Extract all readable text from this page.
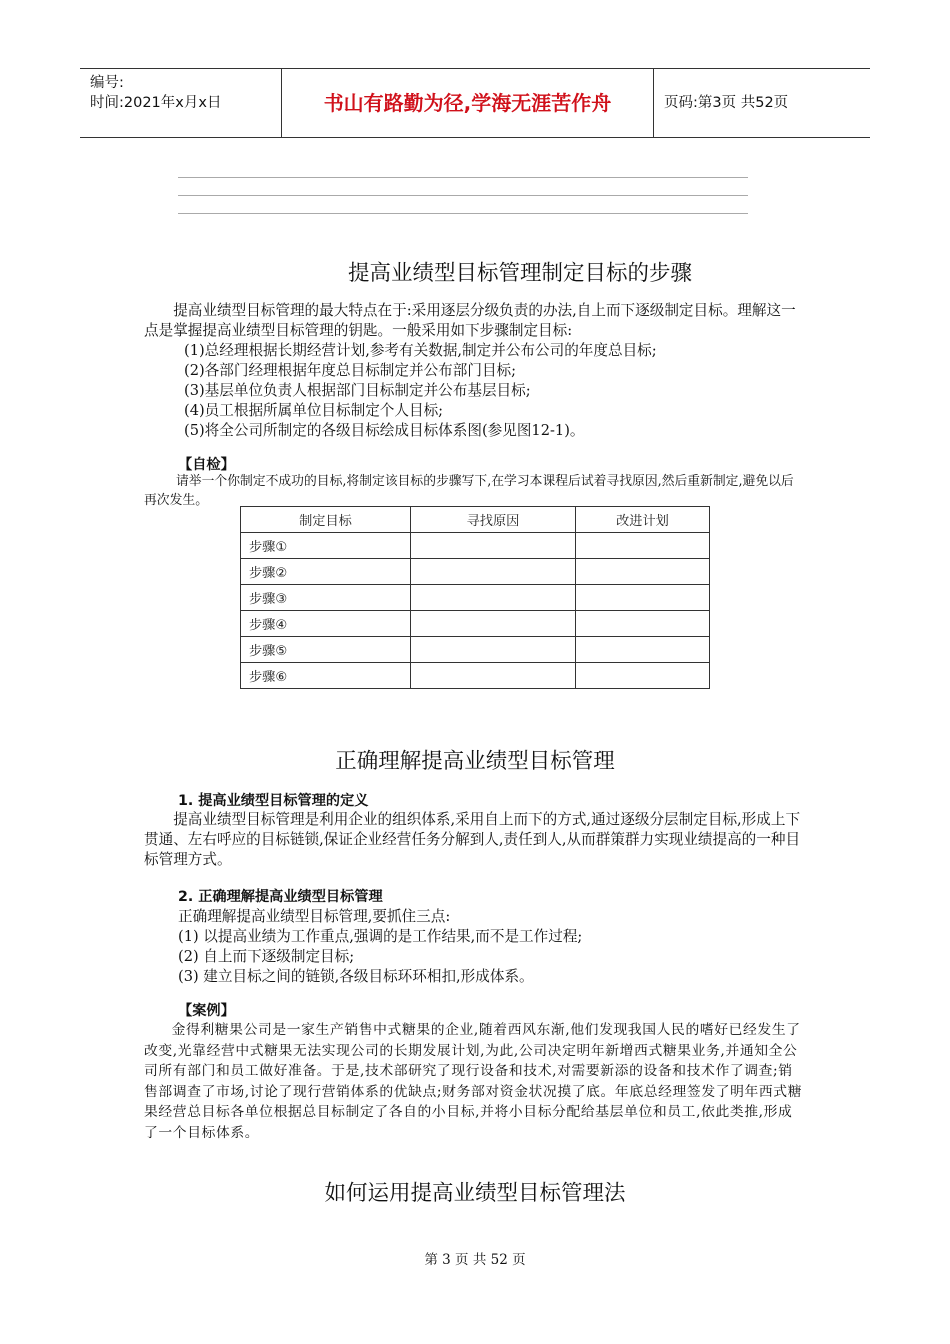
编号:
时间:2021年x月x日	书山有路勤为径,学海无涯苦作舟	页码:第3页 共52页
提高业绩型目标管理制定目标的步骤

提高业绩型目标管理的最大特点在于:采用逐层分级负责的办法,自上而下逐级制定目标。理解这一点是掌握提高业绩型目标管理的钥匙。一般采用如下步骤制定目标:

(1)总经理根据长期经营计划,参考有关数据,制定并公布公司的年度总目标;

(2)各部门经理根据年度总目标制定并公布部门目标;

(3)基层单位负责人根据部门目标制定并公布基层目标;

(4)员工根据所属单位目标制定个人目标;

(5)将全公司所制定的各级目标绘成目标体系图(参见图12-1)。

【自检】
请举一个你制定不成功的目标,将制定该目标的步骤写下,在学习本课程后试着寻找原因,然后重新制定,避免以后再次发生。
制定目标	寻找原因	改进计划
步骤①		
步骤②		
步骤③		
步骤④		
步骤⑤		
步骤⑥		
正确理解提高业绩型目标管理
1. 提高业绩型目标管理的定义

提高业绩型目标管理是利用企业的组织体系,采用自上而下的方式,通过逐级分层制定目标,形成上下贯通、左右呼应的目标链锁,保证企业经营任务分解到人,责任到人,从而群策群力实现业绩提高的一种目标管理方式。

2. 正确理解提高业绩型目标管理

正确理解提高业绩型目标管理,要抓住三点:

(1) 以提高业绩为工作重点,强调的是工作结果,而不是工作过程;

(2) 自上而下逐级制定目标;

(3) 建立目标之间的链锁,各级目标环环相扣,形成体系。

【案例】

金得利糖果公司是一家生产销售中式糖果的企业,随着西风东渐,他们发现我国人民的嗜好已经发生了改变,光靠经营中式糖果无法实现公司的长期发展计划,为此,公司决定明年新增西式糖果业务,并通知全公司所有部门和员工做好准备。于是,技术部研究了现行设备和技术,对需要新添的设备和技术作了调查;销售部调查了市场,讨论了现行营销体系的优缺点;财务部对资金状况摸了底。年底总经理签发了明年西式糖果经营总目标各单位根据总目标制定了各自的小目标,并将小目标分配给基层单位和员工,依此类推,形成了一个目标体系。

如何运用提高业绩型目标管理法
第 3 页 共 52 页
